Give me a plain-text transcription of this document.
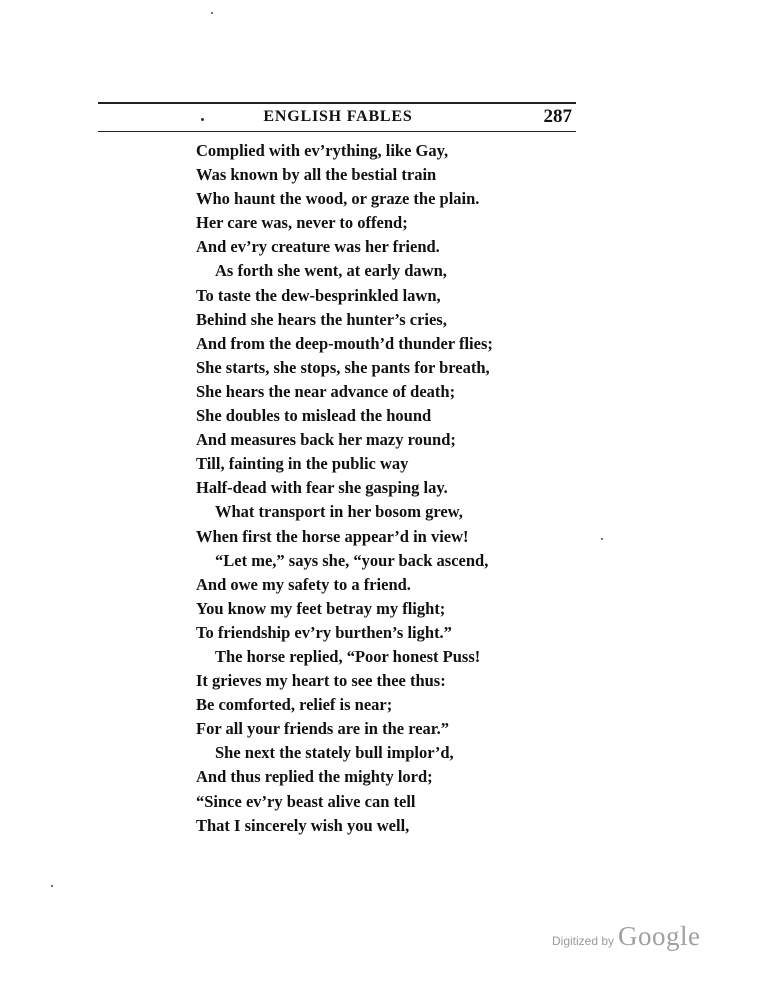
ENGLISH FABLES	287
Complied with ev’rything, like Gay,
Was known by all the bestial train
Who haunt the wood, or graze the plain.
Her care was, never to offend;
And ev’ry creature was her friend.
As forth she went, at early dawn,
To taste the dew-besprinkled lawn,
Behind she hears the hunter’s cries,
And from the deep-mouth’d thunder flies;
She starts, she stops, she pants for breath,
She hears the near advance of death;
She doubles to mislead the hound
And measures back her mazy round;
Till, fainting in the public way
Half-dead with fear she gasping lay.
What transport in her bosom grew,
When first the horse appear’d in view!
“Let me,” says she, “your back ascend,
And owe my safety to a friend.
You know my feet betray my flight;
To friendship ev’ry burthen’s light.”
The horse replied, “Poor honest Puss!
It grieves my heart to see thee thus:
Be comforted, relief is near;
For all your friends are in the rear.”
She next the stately bull implor’d,
And thus replied the mighty lord;
“Since ev’ry beast alive can tell
That I sincerely wish you well,
Digitized by Google
